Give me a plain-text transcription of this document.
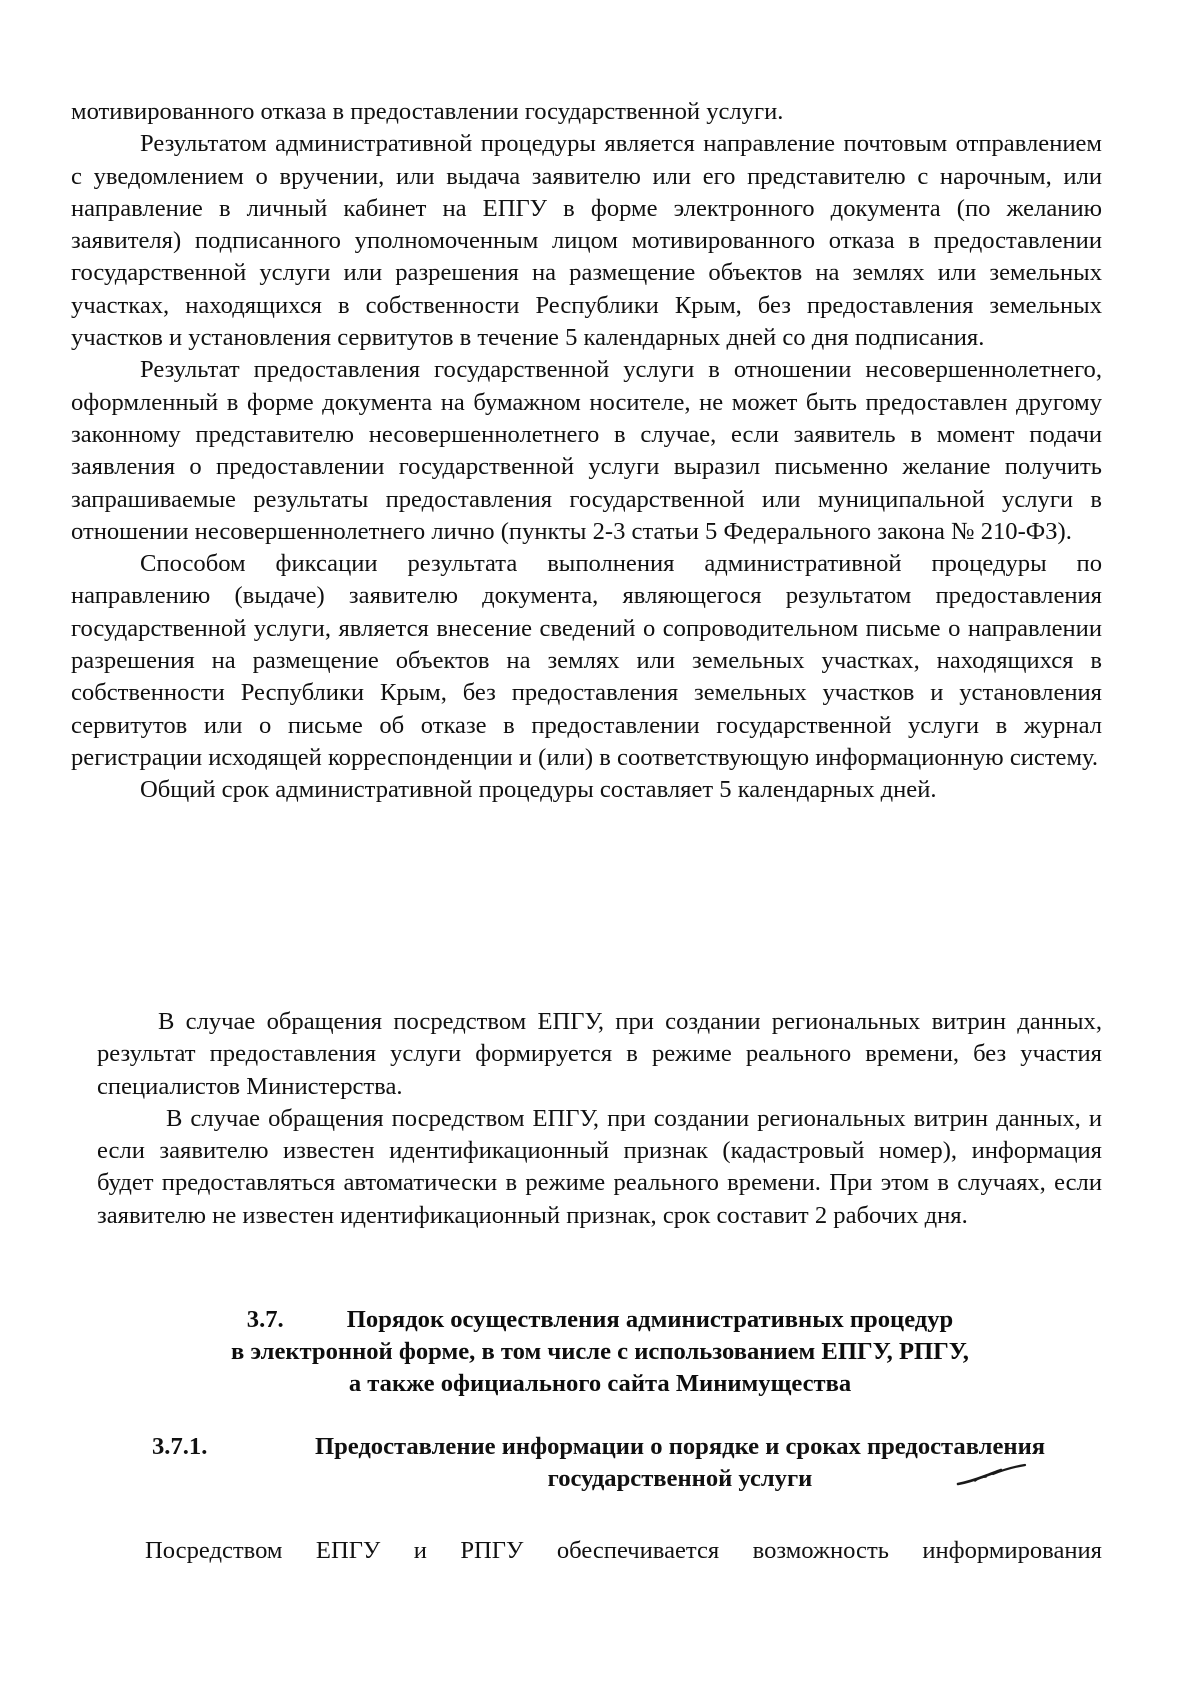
мотивированного отказа в предоставлении государственной услуги.

Результатом административной процедуры является направление почтовым отправлением с уведомлением о вручении, или выдача заявителю или его представителю с нарочным, или направление в личный кабинет на ЕПГУ в форме электронного документа (по желанию заявителя) подписанного уполномоченным лицом мотивированного отказа в предоставлении государственной услуги или разрешения на размещение объектов на землях или земельных участках, находящихся в собственности Республики Крым, без предоставления земельных участков и установления сервитутов в течение 5 календарных дней со дня подписания.

Результат предоставления государственной услуги в отношении несовершеннолетнего, оформленный в форме документа на бумажном носителе, не может быть предоставлен другому законному представителю несовершеннолетнего в случае, если заявитель в момент подачи заявления о предоставлении государственной услуги выразил письменно желание получить запрашиваемые результаты предоставления государственной или муниципальной услуги в отношении несовершеннолетнего лично (пункты 2-3 статьи 5 Федерального закона № 210-ФЗ).

Способом фиксации результата выполнения административной процедуры по направлению (выдаче) заявителю документа, являющегося результатом предоставления государственной услуги, является внесение сведений о сопроводительном письме о направлении разрешения на размещение объектов на землях или земельных участках, находящихся в собственности Республики Крым, без предоставления земельных участков и установления сервитутов или о письме об отказе в предоставлении государственной услуги в журнал регистрации исходящей корреспонденции и (или) в соответствующую информационную систему.

Общий срок административной процедуры составляет 5 календарных дней.

В случае обращения посредством ЕПГУ, при создании региональных витрин данных, результат предоставления услуги формируется в режиме реального времени, без участия специалистов Министерства.

В случае обращения посредством ЕПГУ, при создании региональных витрин данных, и если заявителю известен идентификационный признак (кадастровый номер), информация будет предоставляться автоматически в режиме реального времени. При этом в случаях, если заявителю не известен идентификационный признак, срок составит 2 рабочих дня.

3.7.	Порядок осуществления административных процедур
в электронной форме, в том числе с использованием ЕПГУ, РПГУ,
а также официального сайта Минимущества
3.7.1.	Предоставление информации о порядке и сроках предоставления
государственной услуги
Посредством ЕПГУ и РПГУ обеспечивается возможность информирования
